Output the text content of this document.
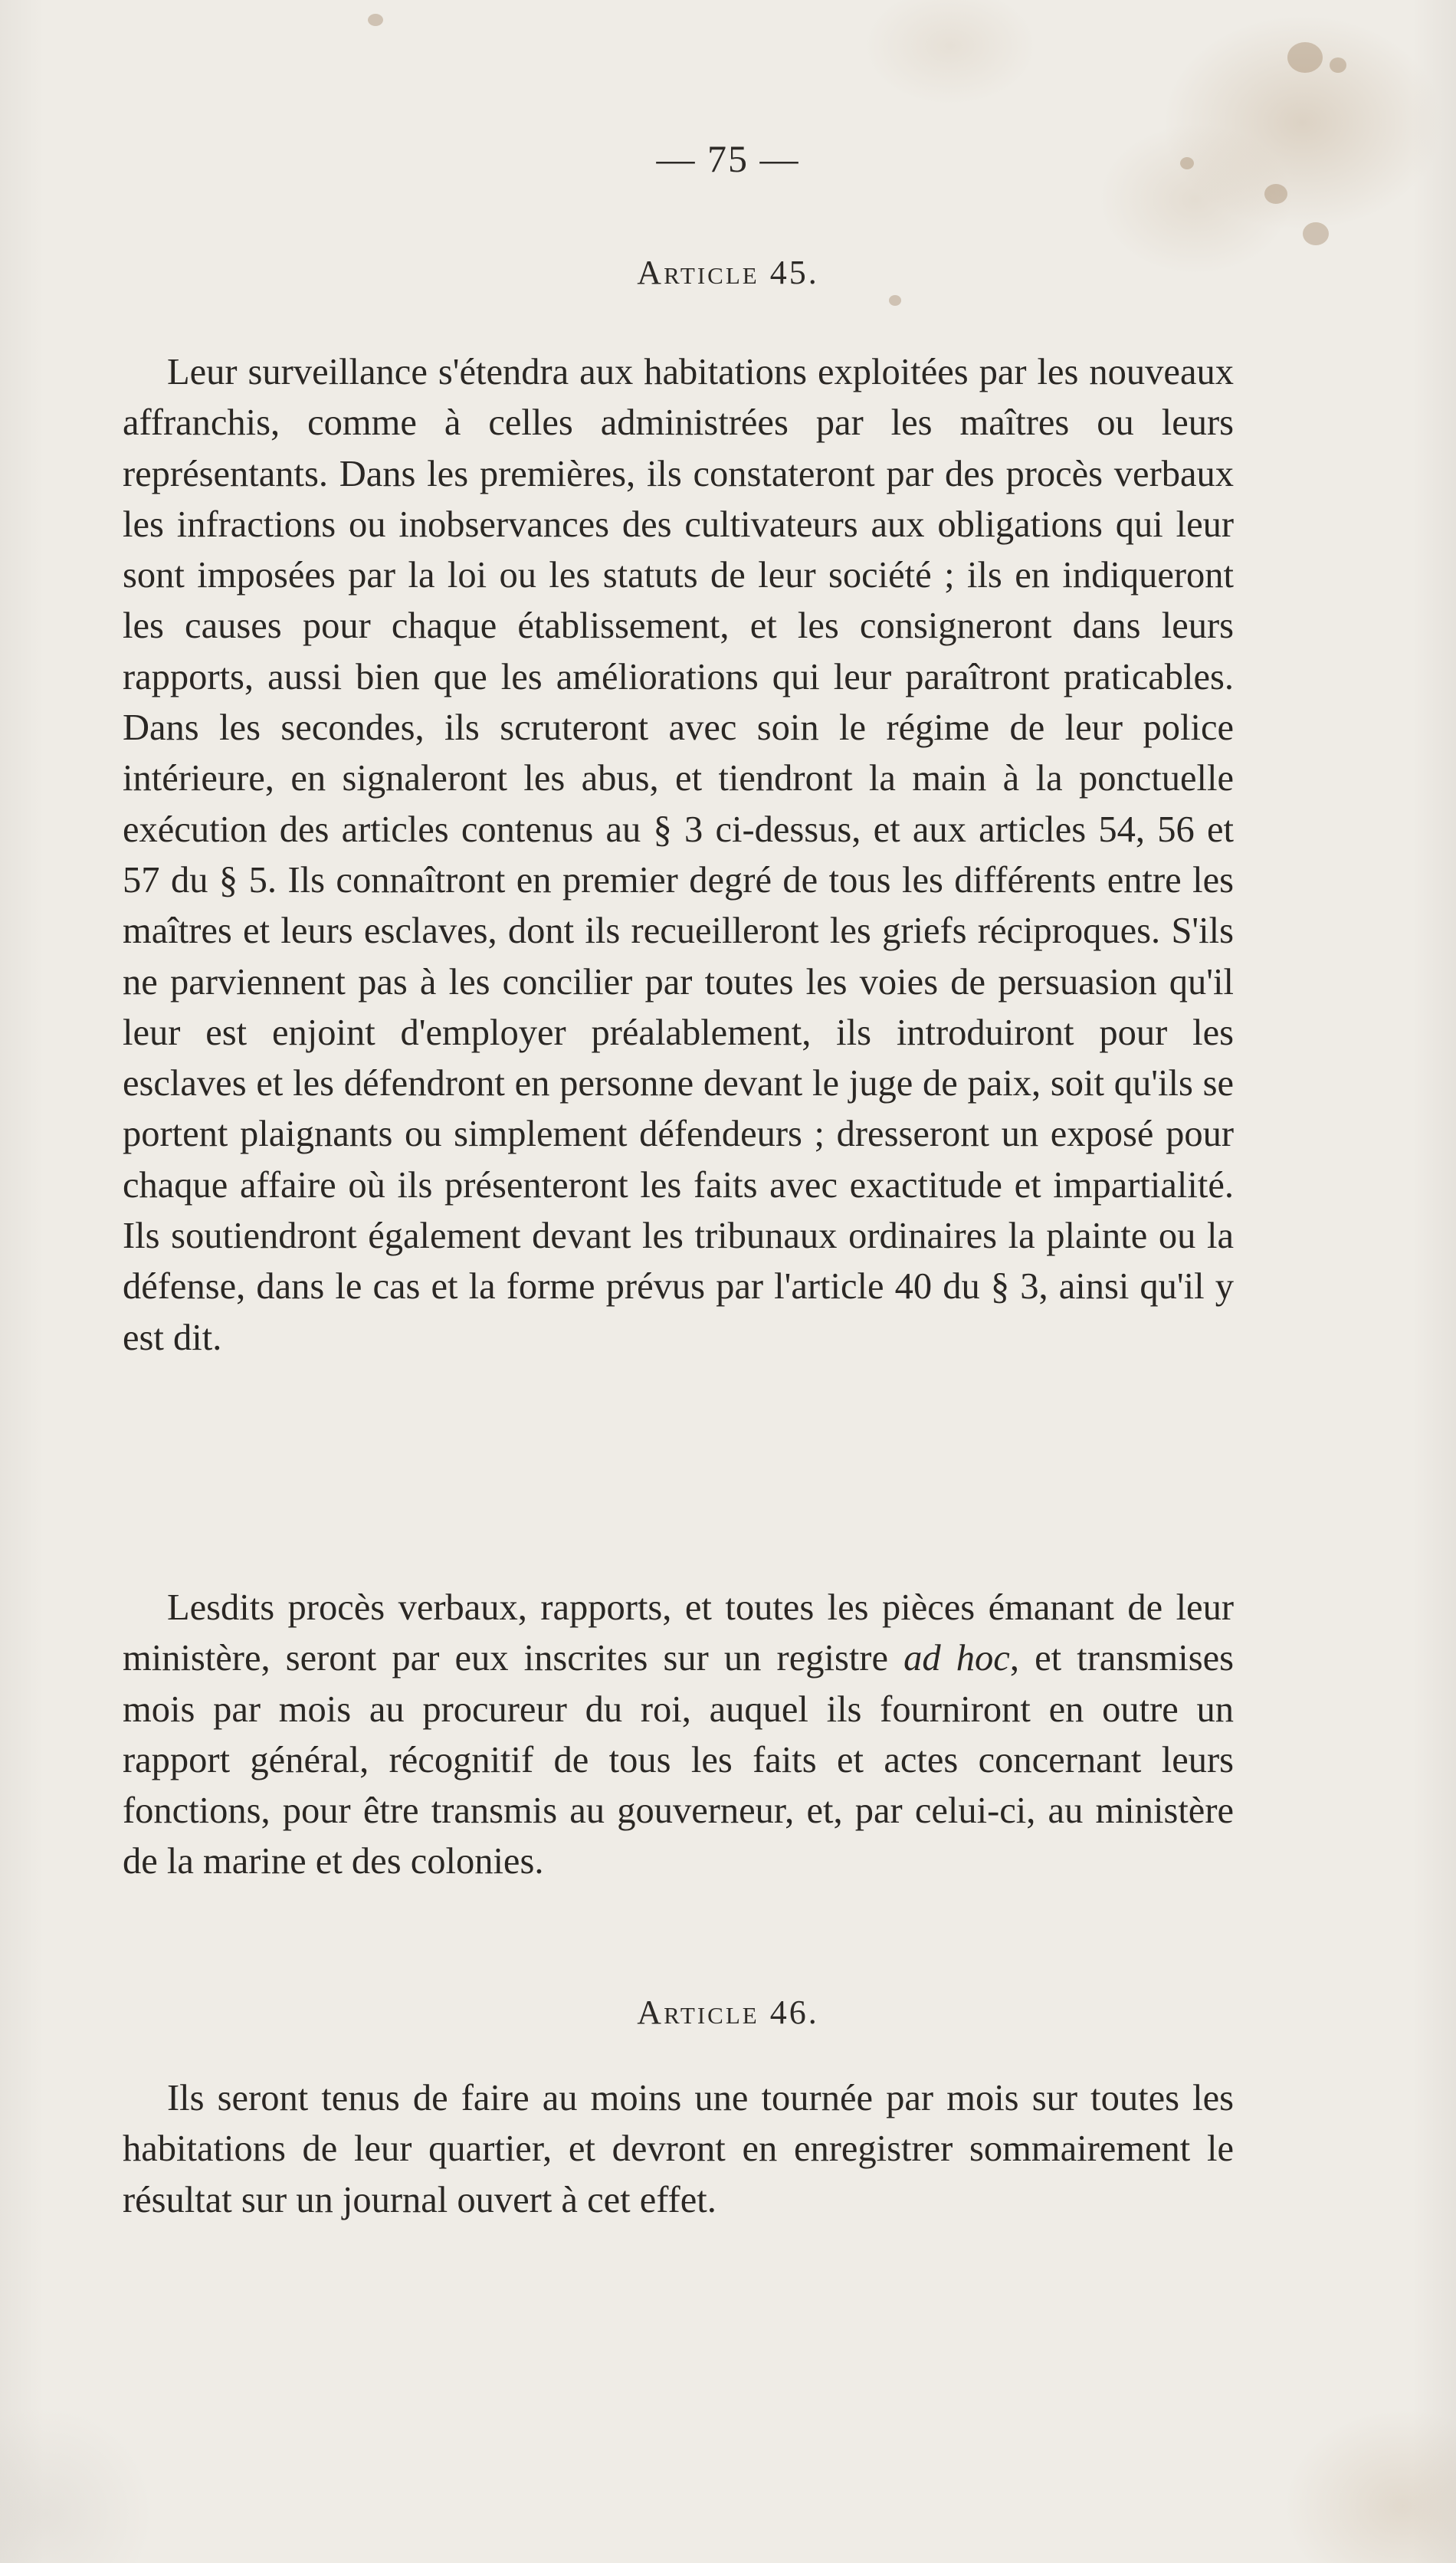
— 75 —
Article 45.

Leur surveillance s'étendra aux habitations exploitées par les nouveaux affranchis, comme à celles administrées par les maîtres ou leurs représentants. Dans les premières, ils constateront par des procès verbaux les infractions ou inobservances des cultivateurs aux obligations qui leur sont imposées par la loi ou les statuts de leur société ; ils en indiqueront les causes pour chaque établissement, et les consigneront dans leurs rapports, aussi bien que les améliorations qui leur paraîtront praticables. Dans les secondes, ils scruteront avec soin le régime de leur police intérieure, en signaleront les abus, et tiendront la main à la ponctuelle exécution des articles contenus au § 3 ci-dessus, et aux articles 54, 56 et 57 du § 5. Ils connaîtront en premier degré de tous les différents entre les maîtres et leurs esclaves, dont ils recueilleront les griefs réciproques. S'ils ne parviennent pas à les concilier par toutes les voies de persuasion qu'il leur est enjoint d'employer préalablement, ils introduiront pour les esclaves et les défendront en personne devant le juge de paix, soit qu'ils se portent plaignants ou simplement défendeurs ; dresseront un exposé pour chaque affaire où ils présenteront les faits avec exactitude et impartialité. Ils soutiendront également devant les tribunaux ordinaires la plainte ou la défense, dans le cas et la forme prévus par l'article 40 du § 3, ainsi qu'il y est dit.

Lesdits procès verbaux, rapports, et toutes les pièces émanant de leur ministère, seront par eux inscrites sur un registre ad hoc, et transmises mois par mois au procureur du roi, auquel ils fourniront en outre un rapport général, récognitif de tous les faits et actes concernant leurs fonctions, pour être transmis au gouverneur, et, par celui-ci, au ministère de la marine et des colonies.

Article 46.

Ils seront tenus de faire au moins une tournée par mois sur toutes les habitations de leur quartier, et devront en enregistrer sommairement le résultat sur un journal ouvert à cet effet.
